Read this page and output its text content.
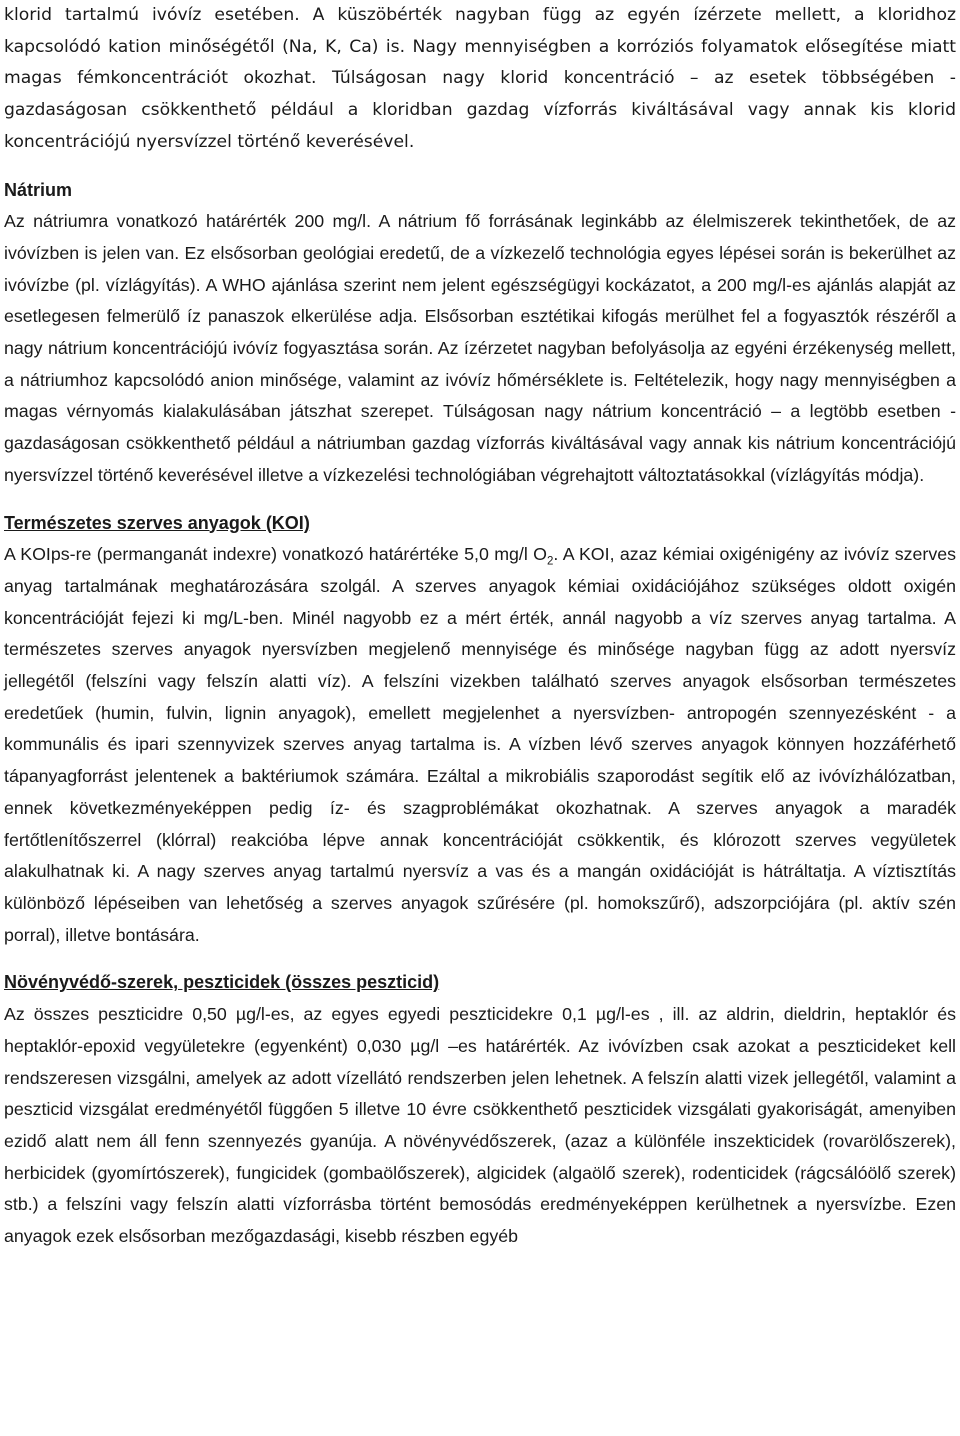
klorid tartalmú ivóvíz esetében. A küszöbérték nagyban függ az egyén ízérzete mellett, a kloridhoz kapcsolódó kation minőségétől (Na, K, Ca) is. Nagy mennyiségben a korróziós folyamatok elősegítése miatt magas fémkoncentrációt okozhat. Túlságosan nagy klorid koncentráció – az esetek többségében - gazdaságosan csökkenthető például a kloridban gazdag vízforrás kiváltásával vagy annak kis klorid koncentrációjú nyersvízzel történő keverésével.

Nátrium

Az nátriumra vonatkozó határérték 200 mg/l. A nátrium fő forrásának leginkább az élelmiszerek tekinthetőek, de az ivóvízben is jelen van. Ez elsősorban geológiai eredetű, de a vízkezelő technológia egyes lépései során is bekerülhet az ivóvízbe (pl. vízlágyítás). A WHO ajánlása szerint nem jelent egészségügyi kockázatot, a 200 mg/l-es ajánlás alapját az esetlegesen felmerülő íz panaszok elkerülése adja. Elsősorban esztétikai kifogás merülhet fel a fogyasztók részéről a nagy nátrium koncentrációjú ivóvíz fogyasztása során. Az ízérzetet nagyban befolyásolja az egyéni érzékenység mellett, a nátriumhoz kapcsolódó anion minősége, valamint az ivóvíz hőmérséklete is. Feltételezik, hogy nagy mennyiségben a magas vérnyomás kialakulásában játszhat szerepet. Túlságosan nagy nátrium koncentráció – a legtöbb esetben - gazdaságosan csökkenthető például a nátriumban gazdag vízforrás kiváltásával vagy annak kis nátrium koncentrációjú nyersvízzel történő keverésével illetve a vízkezelési technológiában végrehajtott változtatásokkal (vízlágyítás módja).

Természetes szerves anyagok (KOI)

A KOIps-re (permanganát indexre) vonatkozó határértéke 5,0 mg/l $O_2$. A KOI, azaz kémiai oxigénigény az ivóvíz szerves anyag tartalmának meghatározására szolgál. A szerves anyagok kémiai oxidációjához szükséges oldott oxigén koncentrációját fejezi ki mg/L-ben. Minél nagyobb ez a mért érték, annál nagyobb a víz szerves anyag tartalma. A természetes szerves anyagok nyersvízben megjelenő mennyisége és minősége nagyban függ az adott nyersvíz jellegétől (felszíni vagy felszín alatti víz). A felszíni vizekben található szerves anyagok elsősorban természetes eredetűek (humin, fulvin, lignin anyagok), emellett megjelenhet a nyersvízben- antropogén szennyezésként - a kommunális és ipari szennyvizek szerves anyag tartalma is. A vízben lévő szerves anyagok könnyen hozzáférhető tápanyagforrást jelentenek a baktériumok számára. Ezáltal a mikrobiális szaporodást segítik elő az ivóvízhálózatban, ennek következményeképpen pedig íz- és szagproblémákat okozhatnak. A szerves anyagok a maradék fertőtlenítőszerrel (klórral) reakcióba lépve annak koncentrációját csökkentik, és klórozott szerves vegyületek alakulhatnak ki. A nagy szerves anyag tartalmú nyersvíz a vas és a mangán oxidációját is hátráltatja. A víztisztítás különböző lépéseiben van lehetőség a szerves anyagok szűrésére (pl. homokszűrő), adszorpciójára (pl. aktív szén porral), illetve bontására.

Növényvédő-szerek, peszticidek (összes peszticid)

Az összes peszticidre 0,50 µg/l-es, az egyes egyedi peszticidekre 0,1 µg/l-es , ill. az aldrin, dieldrin, heptaklór és heptaklór-epoxid vegyületekre (egyenként) 0,030 µg/l –es határérték. Az ivóvízben csak azokat a peszticideket kell rendszeresen vizsgálni, amelyek az adott vízellátó rendszerben jelen lehetnek. A felszín alatti vizek jellegétől, valamint a peszticid vizsgálat eredményétől függően 5 illetve 10 évre csökkenthető peszticidek vizsgálati gyakoriságát, amenyiben ezidő alatt nem áll fenn szennyezés gyanúja. A növényvédőszerek, (azaz a különféle inszekticidek (rovarölőszerek), herbicidek (gyomírtószerek), fungicidek (gombaölőszerek), algicidek (algaölő szerek), rodenticidek (rágcsálóölő szerek) stb.) a felszíni vagy felszín alatti vízforrásba történt bemosódás eredményeképpen kerülhetnek a nyersvízbe. Ezen anyagok ezek elsősorban mezőgazdasági, kisebb részben egyéb
